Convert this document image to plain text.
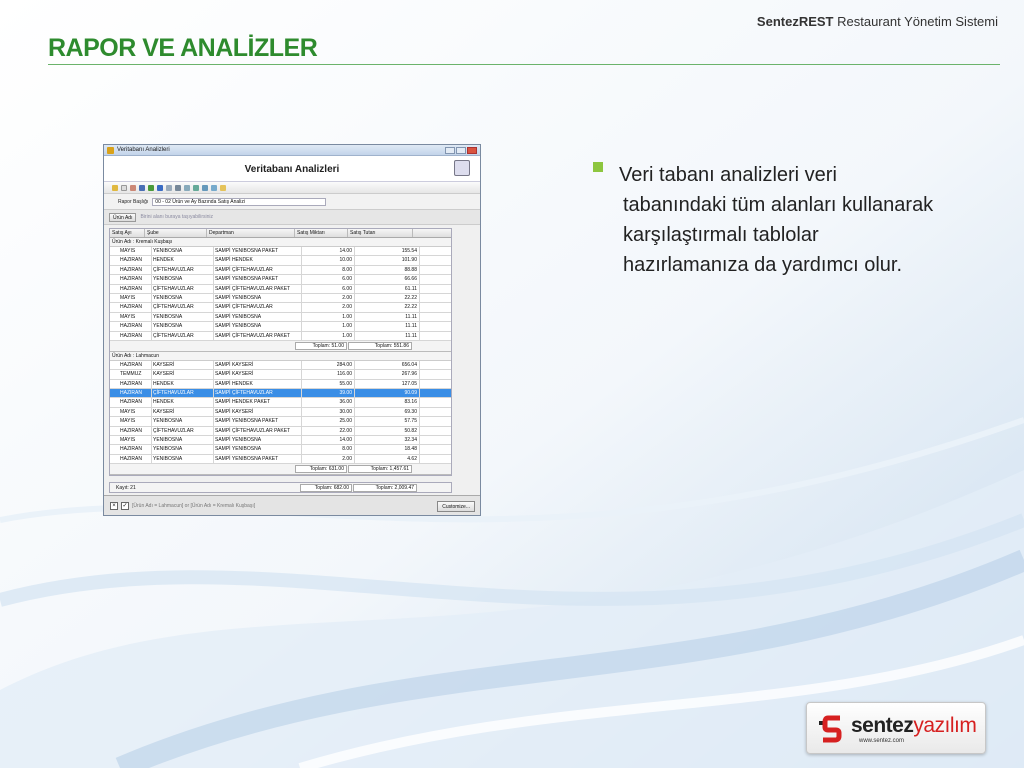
SentezREST Restaurant Yönetim Sistemi
RAPOR VE ANALİZLER
Veri tabanı analizleri veri
tabanındaki tüm alanları kullanarak
karşılaştırmalı tablolar
hazırlamanıza da yardımcı olur.
Veritabanı Analizleri
Veritabanı Analizleri
Rapor Başlığı	00 - 02 Ürün ve Ay Bazında Satış Analizi
Ürün Adı	Birini alanı buraya taşıyabilirsiniz
Satış Ayı	Şube	Departman	Satış Miktarı	Satış Tutarı
Ürün Adı : Kremalı Kuşbaşı
MAYIS	YENIBOSNA	SAMPİ YENIBOSNA PAKET	14.00	155.54
HAZIRAN	HENDEK	SAMPİ HENDEK	10.00	101.90
HAZIRAN	ÇİFTEHAVUZLAR	SAMPİ ÇİFTEHAVUZLAR	8.00	88.88
HAZIRAN	YENIBOSNA	SAMPİ YENIBOSNA PAKET	6.00	66.66
HAZIRAN	ÇİFTEHAVUZLAR	SAMPİ ÇİFTEHAVUZLAR PAKET	6.00	61.11
MAYIS	YENIBOSNA	SAMPİ YENIBOSNA	2.00	22.22
HAZIRAN	ÇİFTEHAVUZLAR	SAMPİ ÇİFTEHAVUZLAR	2.00	22.22
MAYIS	YENIBOSNA	SAMPİ YENIBOSNA	1.00	11.11
HAZIRAN	YENIBOSNA	SAMPİ YENIBOSNA	1.00	11.11
HAZIRAN	ÇİFTEHAVUZLAR	SAMPİ ÇİFTEHAVUZLAR PAKET	1.00	11.11
Toplam: 51.00	Toplam: 551.86
Ürün Adı : Lahmacun
HAZIRAN	KAYSERİ	SAMPİ KAYSERİ	284.00	656.04
TEMMUZ	KAYSERİ	SAMPİ KAYSERİ	116.00	267.96
HAZIRAN	HENDEK	SAMPİ HENDEK	55.00	127.05
HAZIRAN	ÇİFTEHAVUZLAR	SAMPİ ÇİFTEHAVUZLAR	39.00	90.09
HAZIRAN	HENDEK	SAMPİ HENDEK PAKET	36.00	83.16
MAYIS	KAYSERİ	SAMPİ KAYSERİ	30.00	69.30
MAYIS	YENIBOSNA	SAMPİ YENIBOSNA PAKET	25.00	57.75
HAZIRAN	ÇİFTEHAVUZLAR	SAMPİ ÇİFTEHAVUZLAR PAKET	22.00	50.82
MAYIS	YENIBOSNA	SAMPİ YENIBOSNA	14.00	32.34
HAZIRAN	YENIBOSNA	SAMPİ YENIBOSNA	8.00	18.48
HAZIRAN	YENIBOSNA	SAMPİ YENIBOSNA PAKET	2.00	4.62
Toplam: 631.00	Toplam: 1,457.61
Kayıt: 21	Toplam: 682.00	Toplam: 2,009.47
×	✓ [Ürün Adı = Lahmacun] or [Ürün Adı = Kremalı Kuşbaşı]	Customize...
sentezyazılım
www.sentez.com
